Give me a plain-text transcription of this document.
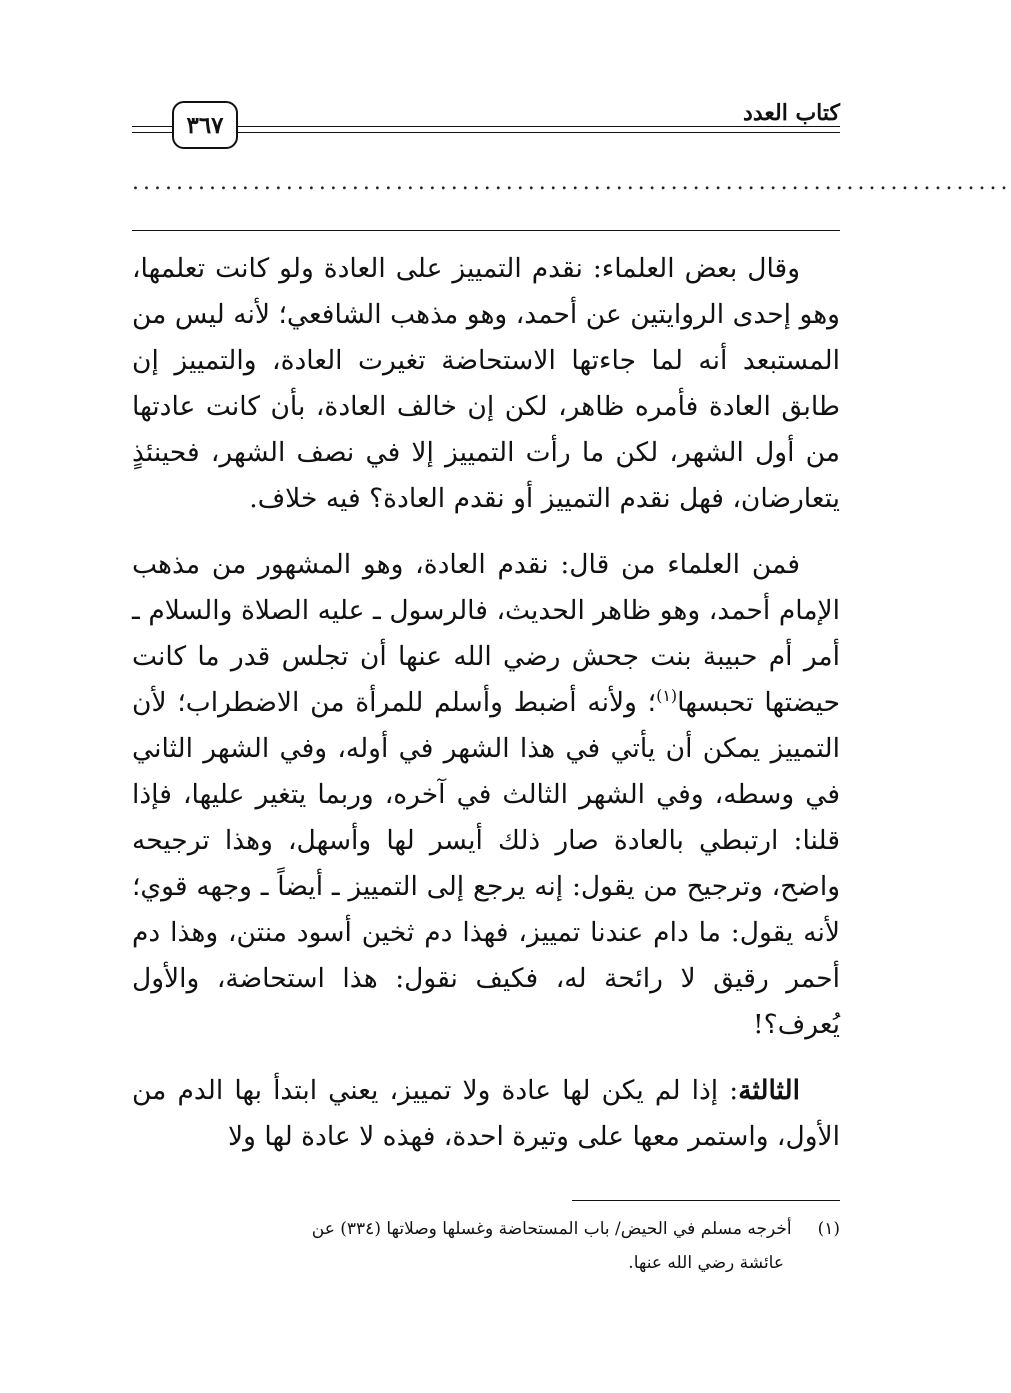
كتاب العدد
٣٦٧
................................................................................

وقال بعض العلماء: نقدم التمييز على العادة ولو كانت تعلمها، وهو إحدى الروايتين عن أحمد، وهو مذهب الشافعي؛ لأنه ليس من المستبعد أنه لما جاءتها الاستحاضة تغيرت العادة، والتمييز إن طابق العادة فأمره ظاهر، لكن إن خالف العادة، بأن كانت عادتها من أول الشهر، لكن ما رأت التمييز إلا في نصف الشهر، فحينئذٍ يتعارضان، فهل نقدم التمييز أو نقدم العادة؟ فيه خلاف.

فمن العلماء من قال: نقدم العادة، وهو المشهور من مذهب الإمام أحمد، وهو ظاهر الحديث، فالرسول ـ عليه الصلاة والسلام ـ أمر أم حبيبة بنت جحش رضي الله عنها أن تجلس قدر ما كانت حيضتها تحبسها$^{(١)}$؛ ولأنه أضبط وأسلم للمرأة من الاضطراب؛ لأن التمييز يمكن أن يأتي في هذا الشهر في أوله، وفي الشهر الثاني في وسطه، وفي الشهر الثالث في آخره، وربما يتغير عليها، فإذا قلنا: ارتبطي بالعادة صار ذلك أيسر لها وأسهل، وهذا ترجيحه واضح، وترجيح من يقول: إنه يرجع إلى التمييز ـ أيضاً ـ وجهه قوي؛ لأنه يقول: ما دام عندنا تمييز، فهذا دم ثخين أسود منتن، وهذا دم أحمر رقيق لا رائحة له، فكيف نقول: هذا استحاضة، والأول يُعرف؟!

الثالثة: إذا لم يكن لها عادة ولا تمييز، يعني ابتدأ بها الدم من الأول، واستمر معها على وتيرة احدة، فهذه لا عادة لها ولا

(١)أخرجه مسلم في الحيض/ باب المستحاضة وغسلها وصلاتها (٣٣٤) عن

عائشة رضي الله عنها.
